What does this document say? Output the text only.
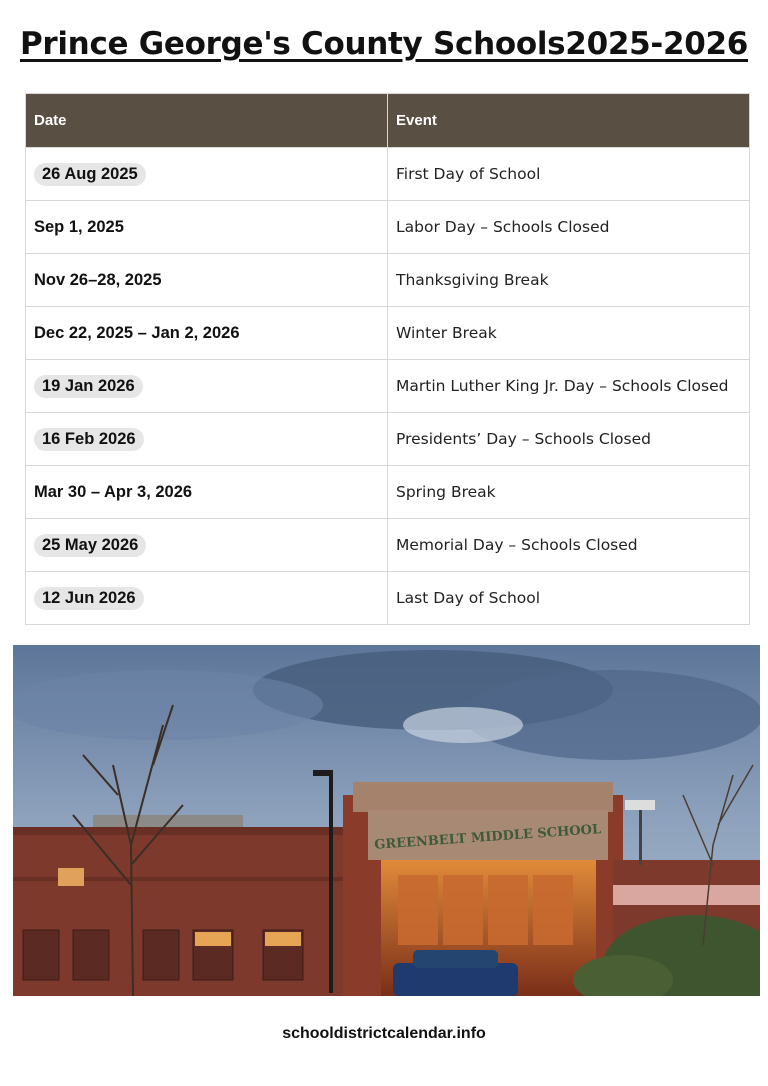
Prince George's County Schools2025-2026
Date	Event
26 Aug 2025	First Day of School
Sep 1, 2025	Labor Day – Schools Closed
Nov 26–28, 2025	Thanksgiving Break
Dec 22, 2025 – Jan 2, 2026	Winter Break
19 Jan 2026	Martin Luther King Jr. Day – Schools Closed
16 Feb 2026	Presidents’ Day – Schools Closed
Mar 30 – Apr 3, 2026	Spring Break
25 May 2026	Memorial Day – Schools Closed
12 Jun 2026	Last Day of School
GREENBELT MIDDLE SCHOOL
schooldistrictcalendar.info
